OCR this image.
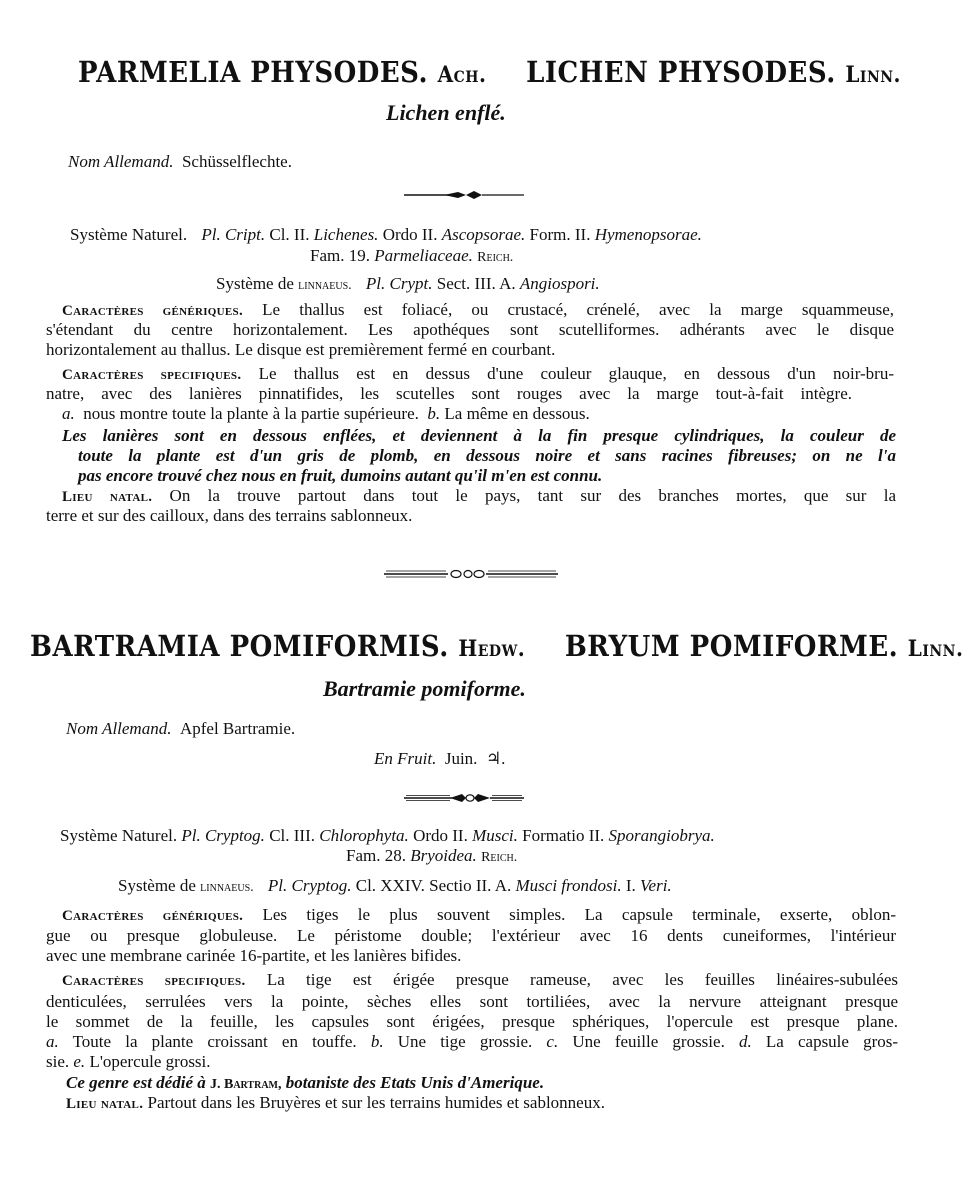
PARMELIA PHYSODES. Ach. LICHEN PHYSODES. Linn.
Lichen enflé.
Nom Allemand. Schüsselflechte.
Système Naturel. Pl. Cript. Cl. II. Lichenes. Ordo II. Ascopsorae. Form. II. Hymenopsorae.
Fam. 19. Parmeliaceae. Reich.
Système de linnaeus. Pl. Crypt. Sect. III. A. Angiospori.
Caractères génériques. Le thallus est foliacé, ou crustacé, crénelé, avec la marge squammeuse,
s'étendant du centre horizontalement. Les apothéques sont scutelliformes. adhérants avec le disque
horizontalement au thallus. Le disque est premièrement fermé en courbant.
Caractères specifiques. Le thallus est en dessus d'une couleur glauque, en dessous d'un noir-bru-
natre, avec des lanières pinnatifides, les scutelles sont rouges avec la marge tout-à-fait intègre.
a. nous montre toute la plante à la partie supérieure. b. La même en dessous.
Les lanières sont en dessous enflées, et deviennent à la fin presque cylindriques, la couleur de
toute la plante est d'un gris de plomb, en dessous noire et sans racines fibreuses; on ne l'a
pas encore trouvé chez nous en fruit, dumoins autant qu'il m'en est connu.
Lieu natal. On la trouve partout dans tout le pays, tant sur des branches mortes, que sur la
terre et sur des cailloux, dans des terrains sablonneux.
BARTRAMIA POMIFORMIS. Hedw. BRYUM POMIFORME. Linn.
Bartramie pomiforme.
Nom Allemand. Apfel Bartramie.
En Fruit. Juin. ♃.
Système Naturel. Pl. Cryptog. Cl. III. Chlorophyta. Ordo II. Musci. Formatio II. Sporangiobrya.
Fam. 28. Bryoidea. Reich.
Système de linnaeus. Pl. Cryptog. Cl. XXIV. Sectio II. A. Musci frondosi. I. Veri.
Caractères génériques. Les tiges le plus souvent simples. La capsule terminale, exserte, oblon-
gue ou presque globuleuse. Le péristome double; l'extérieur avec 16 dents cuneiformes, l'intérieur
avec une membrane carinée 16-partite, et les lanières bifides.
Caractères specifiques. La tige est érigée presque rameuse, avec les feuilles linéaires-subulées
denticulées, serrulées vers la pointe, sèches elles sont tortiliées, avec la nervure atteignant presque
le sommet de la feuille, les capsules sont érigées, presque sphériques, l'opercule est presque plane.
a. Toute la plante croissant en touffe. b. Une tige grossie. c. Une feuille grossie. d. La capsule gros-
sie. e. L'opercule grossi.
Ce genre est dédié à J. Bartram, botaniste des Etats Unis d'Amerique.
Lieu natal. Partout dans les Bruyères et sur les terrains humides et sablonneux.
